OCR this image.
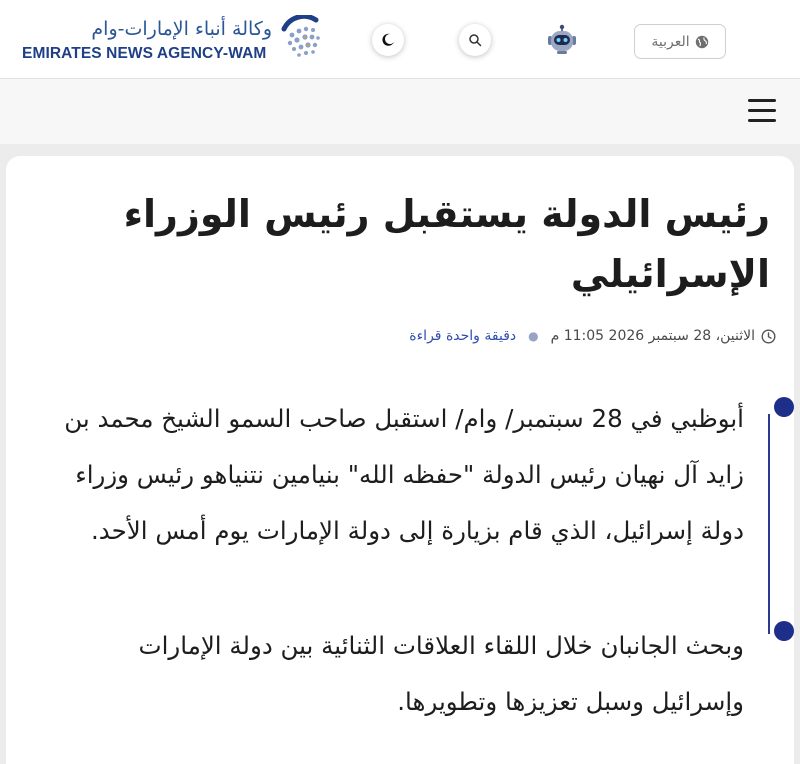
وكالة أنباء الإمارات-وام
EMIRATES NEWS AGENCY-WAM
العربية
رئيس الدولة يستقبل رئيس الوزراء الإسرائيلي
الاثنين، 28 سبتمبر 2026 11:05 م
●
دقيقة واحدة قراءة

أبوظبي في 28 سبتمبر/ وام/ استقبل صاحب السمو الشيخ محمد بن زايد آل نهيان رئيس الدولة "حفظه الله" بنيامين نتنياهو رئيس وزراء دولة إسرائيل، الذي قام بزيارة إلى دولة الإمارات يوم أمس الأحد.

وبحث الجانبان خلال اللقاء العلاقات الثنائية بين دولة الإمارات وإسرائيل وسبل تعزيزها وتطويرها.
